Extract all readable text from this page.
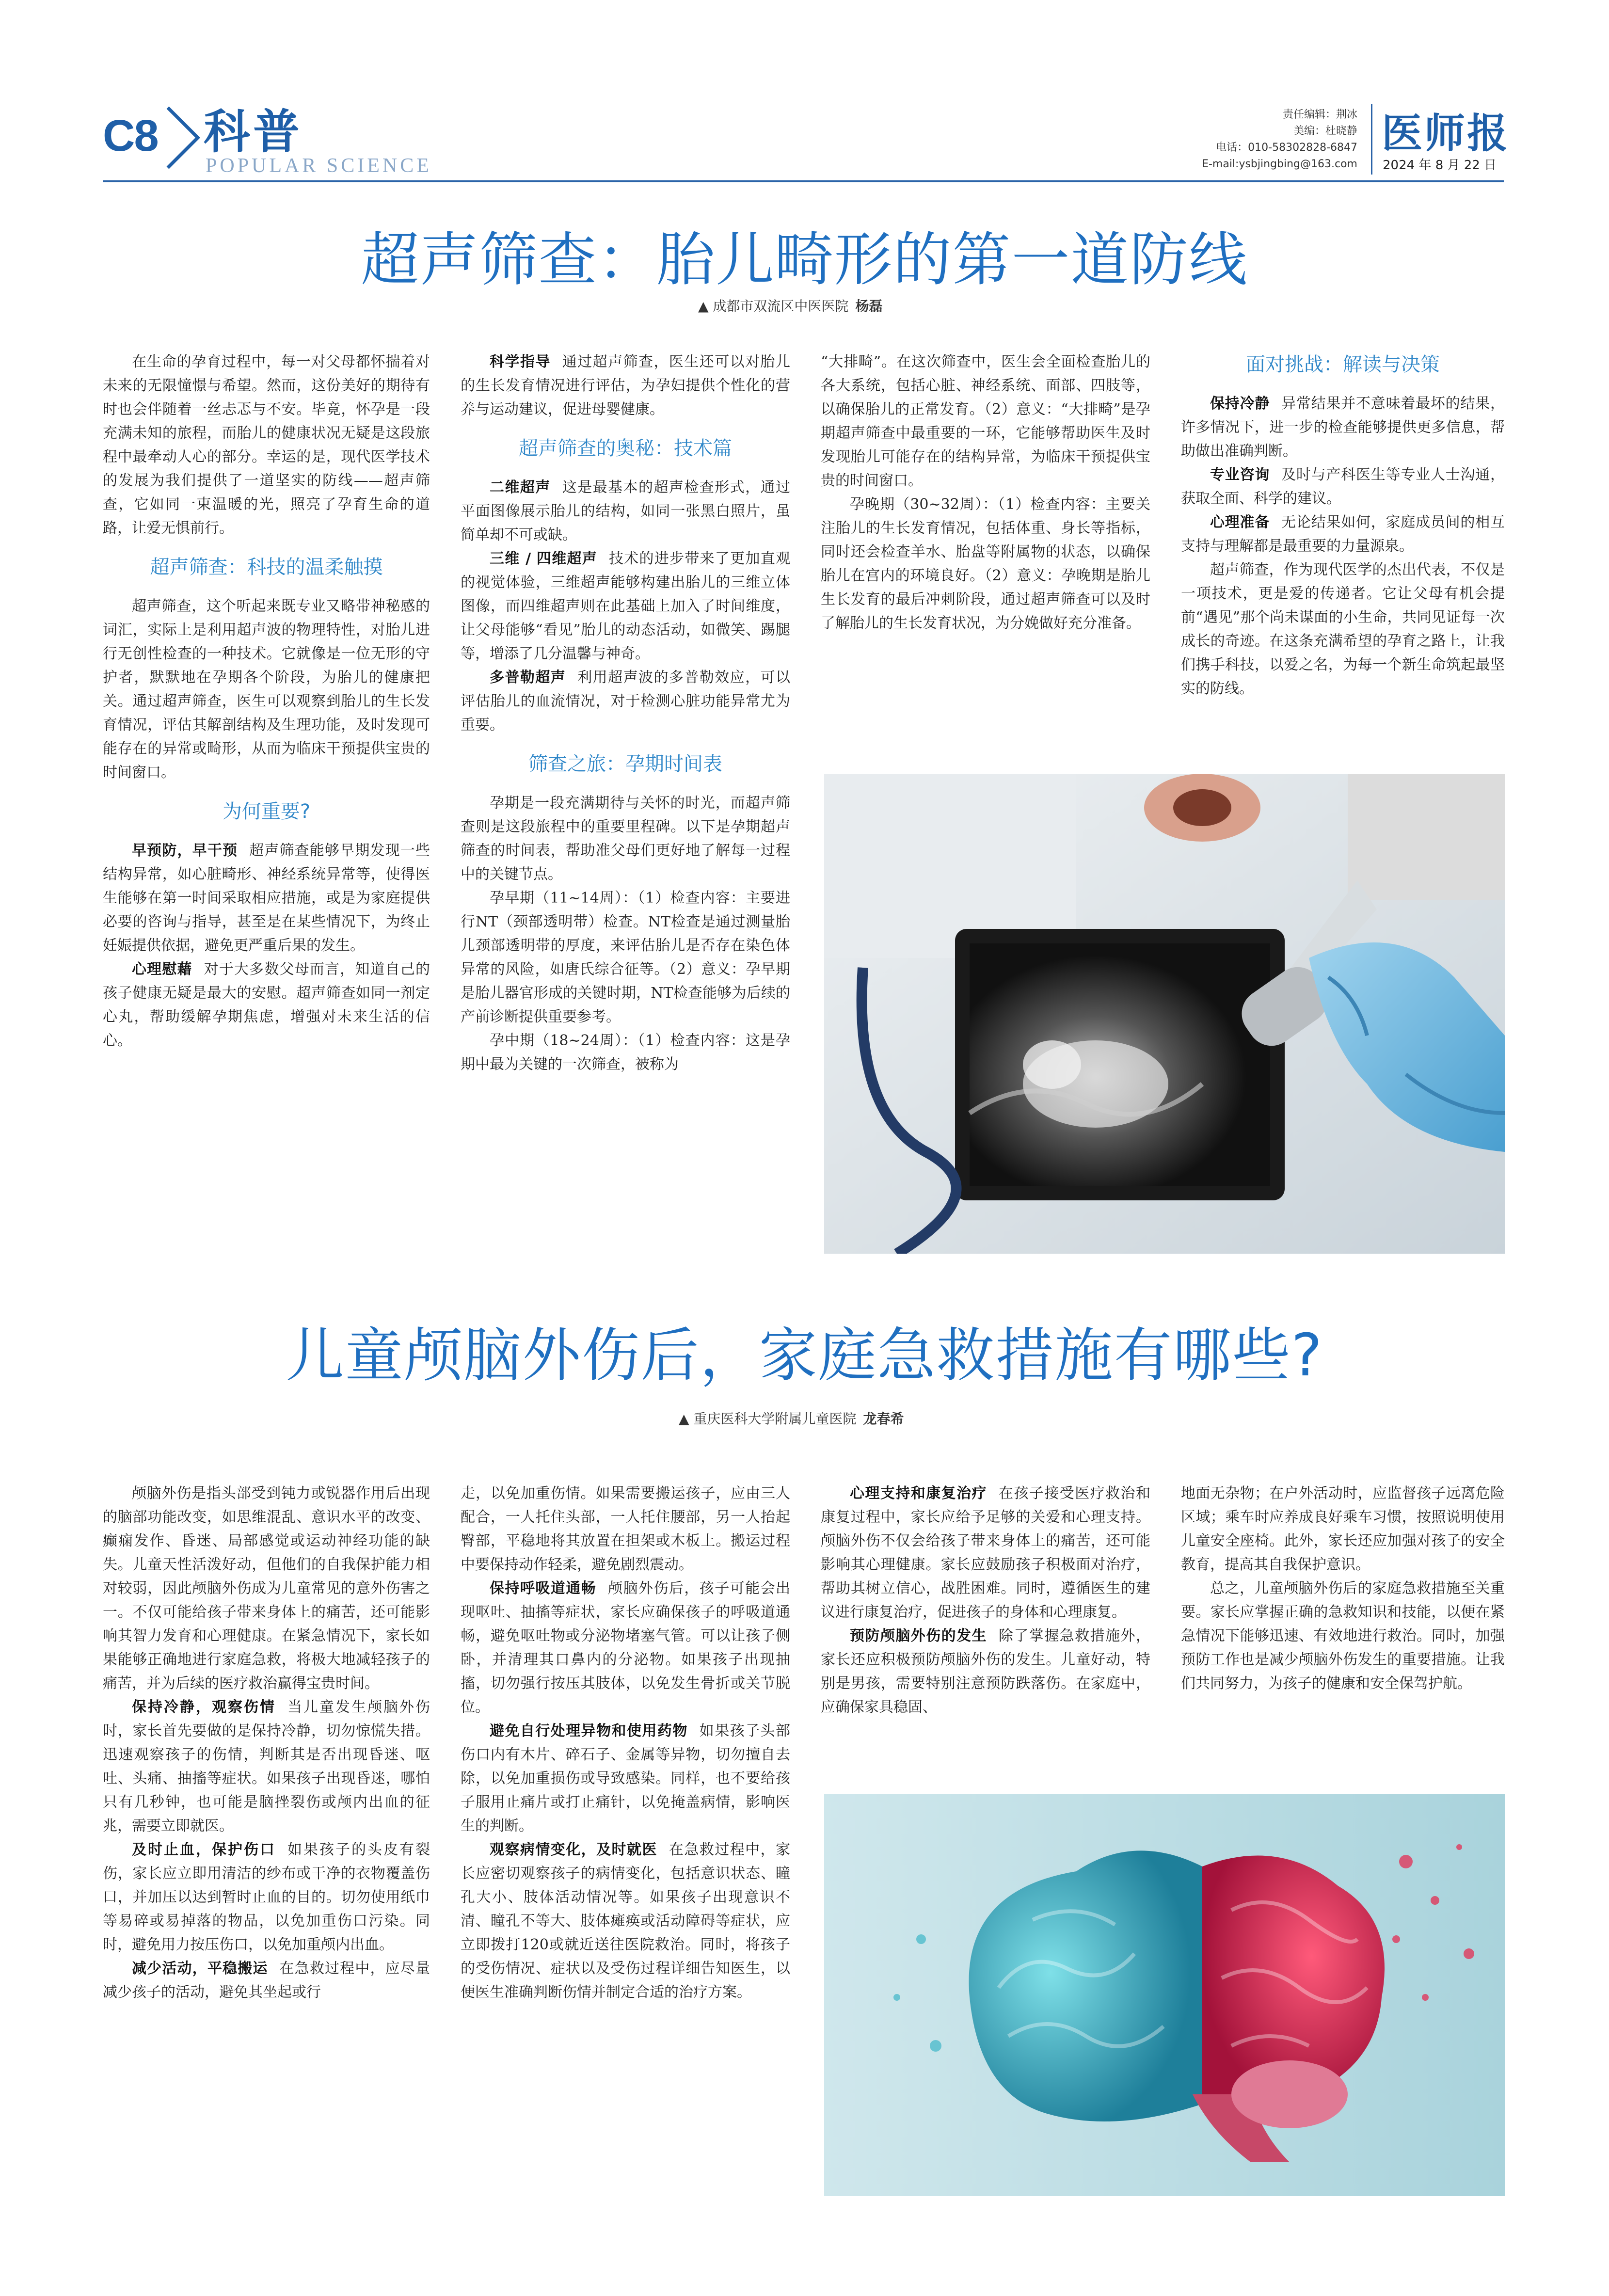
C8 科普
POPULAR SCIENCE
责任编辑：荆冰
美编：杜晓静
电话：010-58302828-6847
E-mail:ysbjingbing@163.com
医师报
2024 年 8 月 22 日
超声筛查：胎儿畸形的第一道防线
▲ 成都市双流区中医医院 杨磊

在生命的孕育过程中，每一对父母都怀揣着对未来的无限憧憬与希望。然而，这份美好的期待有时也会伴随着一丝忐忑与不安。毕竟，怀孕是一段充满未知的旅程，而胎儿的健康状况无疑是这段旅程中最牵动人心的部分。幸运的是，现代医学技术的发展为我们提供了一道坚实的防线——超声筛查，它如同一束温暖的光，照亮了孕育生命的道路，让爱无惧前行。

超声筛查：科技的温柔触摸

超声筛查，这个听起来既专业又略带神秘感的词汇，实际上是利用超声波的物理特性，对胎儿进行无创性检查的一种技术。它就像是一位无形的守护者，默默地在孕期各个阶段，为胎儿的健康把关。通过超声筛查，医生可以观察到胎儿的生长发育情况，评估其解剖结构及生理功能，及时发现可能存在的异常或畸形，从而为临床干预提供宝贵的时间窗口。

为何重要?

早预防，早干预 超声筛查能够早期发现一些结构异常，如心脏畸形、神经系统异常等，使得医生能够在第一时间采取相应措施，或是为家庭提供必要的咨询与指导，甚至是在某些情况下，为终止妊娠提供依据，避免更严重后果的发生。

心理慰藉 对于大多数父母而言，知道自己的孩子健康无疑是最大的安慰。超声筛查如同一剂定心丸，帮助缓解孕期焦虑，增强对未来生活的信心。

科学指导 通过超声筛查，医生还可以对胎儿的生长发育情况进行评估，为孕妇提供个性化的营养与运动建议，促进母婴健康。

超声筛查的奥秘：技术篇

二维超声 这是最基本的超声检查形式，通过平面图像展示胎儿的结构，如同一张黑白照片，虽简单却不可或缺。

三维 / 四维超声 技术的进步带来了更加直观的视觉体验，三维超声能够构建出胎儿的三维立体图像，而四维超声则在此基础上加入了时间维度，让父母能够“看见”胎儿的动态活动，如微笑、踢腿等，增添了几分温馨与神奇。

多普勒超声 利用超声波的多普勒效应，可以评估胎儿的血流情况，对于检测心脏功能异常尤为重要。

筛查之旅：孕期时间表

孕期是一段充满期待与关怀的时光，而超声筛查则是这段旅程中的重要里程碑。以下是孕期超声筛查的时间表，帮助准父母们更好地了解每一过程中的关键节点。

孕早期（11~14周）：（1）检查内容：主要进行NT（颈部透明带）检查。NT检查是通过测量胎儿颈部透明带的厚度，来评估胎儿是否存在染色体异常的风险，如唐氏综合征等。（2）意义：孕早期是胎儿器官形成的关键时期，NT检查能够为后续的产前诊断提供重要参考。

孕中期（18~24周）：（1）检查内容：这是孕期中最为关键的一次筛查，被称为

“大排畸”。在这次筛查中，医生会全面检查胎儿的各大系统，包括心脏、神经系统、面部、四肢等，以确保胎儿的正常发育。（2）意义：“大排畸”是孕期超声筛查中最重要的一环，它能够帮助医生及时发现胎儿可能存在的结构异常，为临床干预提供宝贵的时间窗口。

孕晚期（30~32周）：（1）检查内容：主要关注胎儿的生长发育情况，包括体重、身长等指标，同时还会检查羊水、胎盘等附属物的状态，以确保胎儿在宫内的环境良好。（2）意义：孕晚期是胎儿生长发育的最后冲刺阶段，通过超声筛查可以及时了解胎儿的生长发育状况，为分娩做好充分准备。

面对挑战：解读与决策

保持冷静 异常结果并不意味着最坏的结果，许多情况下，进一步的检查能够提供更多信息，帮助做出准确判断。

专业咨询 及时与产科医生等专业人士沟通，获取全面、科学的建议。

心理准备 无论结果如何，家庭成员间的相互支持与理解都是最重要的力量源泉。

超声筛查，作为现代医学的杰出代表，不仅是一项技术，更是爱的传递者。它让父母有机会提前“遇见”那个尚未谋面的小生命，共同见证每一次成长的奇迹。在这条充满希望的孕育之路上，让我们携手科技，以爱之名，为每一个新生命筑起最坚实的防线。

儿童颅脑外伤后，家庭急救措施有哪些?
▲ 重庆医科大学附属儿童医院 龙春希

颅脑外伤是指头部受到钝力或锐器作用后出现的脑部功能改变，如思维混乱、意识水平的改变、癫痫发作、昏迷、局部感觉或运动神经功能的缺失。儿童天性活泼好动，但他们的自我保护能力相对较弱，因此颅脑外伤成为儿童常见的意外伤害之一。不仅可能给孩子带来身体上的痛苦，还可能影响其智力发育和心理健康。在紧急情况下，家长如果能够正确地进行家庭急救，将极大地减轻孩子的痛苦，并为后续的医疗救治赢得宝贵时间。

保持冷静，观察伤情 当儿童发生颅脑外伤时，家长首先要做的是保持冷静，切勿惊慌失措。迅速观察孩子的伤情，判断其是否出现昏迷、呕吐、头痛、抽搐等症状。如果孩子出现昏迷，哪怕只有几秒钟，也可能是脑挫裂伤或颅内出血的征兆，需要立即就医。

及时止血，保护伤口 如果孩子的头皮有裂伤，家长应立即用清洁的纱布或干净的衣物覆盖伤口，并加压以达到暂时止血的目的。切勿使用纸巾等易碎或易掉落的物品，以免加重伤口污染。同时，避免用力按压伤口，以免加重颅内出血。

减少活动，平稳搬运 在急救过程中，应尽量减少孩子的活动，避免其坐起或行

走，以免加重伤情。如果需要搬运孩子，应由三人配合，一人托住头部，一人托住腰部，另一人抬起臀部，平稳地将其放置在担架或木板上。搬运过程中要保持动作轻柔，避免剧烈震动。

保持呼吸道通畅 颅脑外伤后，孩子可能会出现呕吐、抽搐等症状，家长应确保孩子的呼吸道通畅，避免呕吐物或分泌物堵塞气管。可以让孩子侧卧，并清理其口鼻内的分泌物。如果孩子出现抽搐，切勿强行按压其肢体，以免发生骨折或关节脱位。

避免自行处理异物和使用药物 如果孩子头部伤口内有木片、碎石子、金属等异物，切勿擅自去除，以免加重损伤或导致感染。同样，也不要给孩子服用止痛片或打止痛针，以免掩盖病情，影响医生的判断。

观察病情变化，及时就医 在急救过程中，家长应密切观察孩子的病情变化，包括意识状态、瞳孔大小、肢体活动情况等。如果孩子出现意识不清、瞳孔不等大、肢体瘫痪或活动障碍等症状，应立即拨打120或就近送往医院救治。同时，将孩子的受伤情况、症状以及受伤过程详细告知医生，以便医生准确判断伤情并制定合适的治疗方案。

心理支持和康复治疗 在孩子接受医疗救治和康复过程中，家长应给予足够的关爱和心理支持。颅脑外伤不仅会给孩子带来身体上的痛苦，还可能影响其心理健康。家长应鼓励孩子积极面对治疗，帮助其树立信心，战胜困难。同时，遵循医生的建议进行康复治疗，促进孩子的身体和心理康复。

预防颅脑外伤的发生 除了掌握急救措施外，家长还应积极预防颅脑外伤的发生。儿童好动，特别是男孩，需要特别注意预防跌落伤。在家庭中，应确保家具稳固、

地面无杂物；在户外活动时，应监督孩子远离危险区域；乘车时应养成良好乘车习惯，按照说明使用儿童安全座椅。此外，家长还应加强对孩子的安全教育，提高其自我保护意识。

总之，儿童颅脑外伤后的家庭急救措施至关重要。家长应掌握正确的急救知识和技能，以便在紧急情况下能够迅速、有效地进行救治。同时，加强预防工作也是减少颅脑外伤发生的重要措施。让我们共同努力，为孩子的健康和安全保驾护航。
